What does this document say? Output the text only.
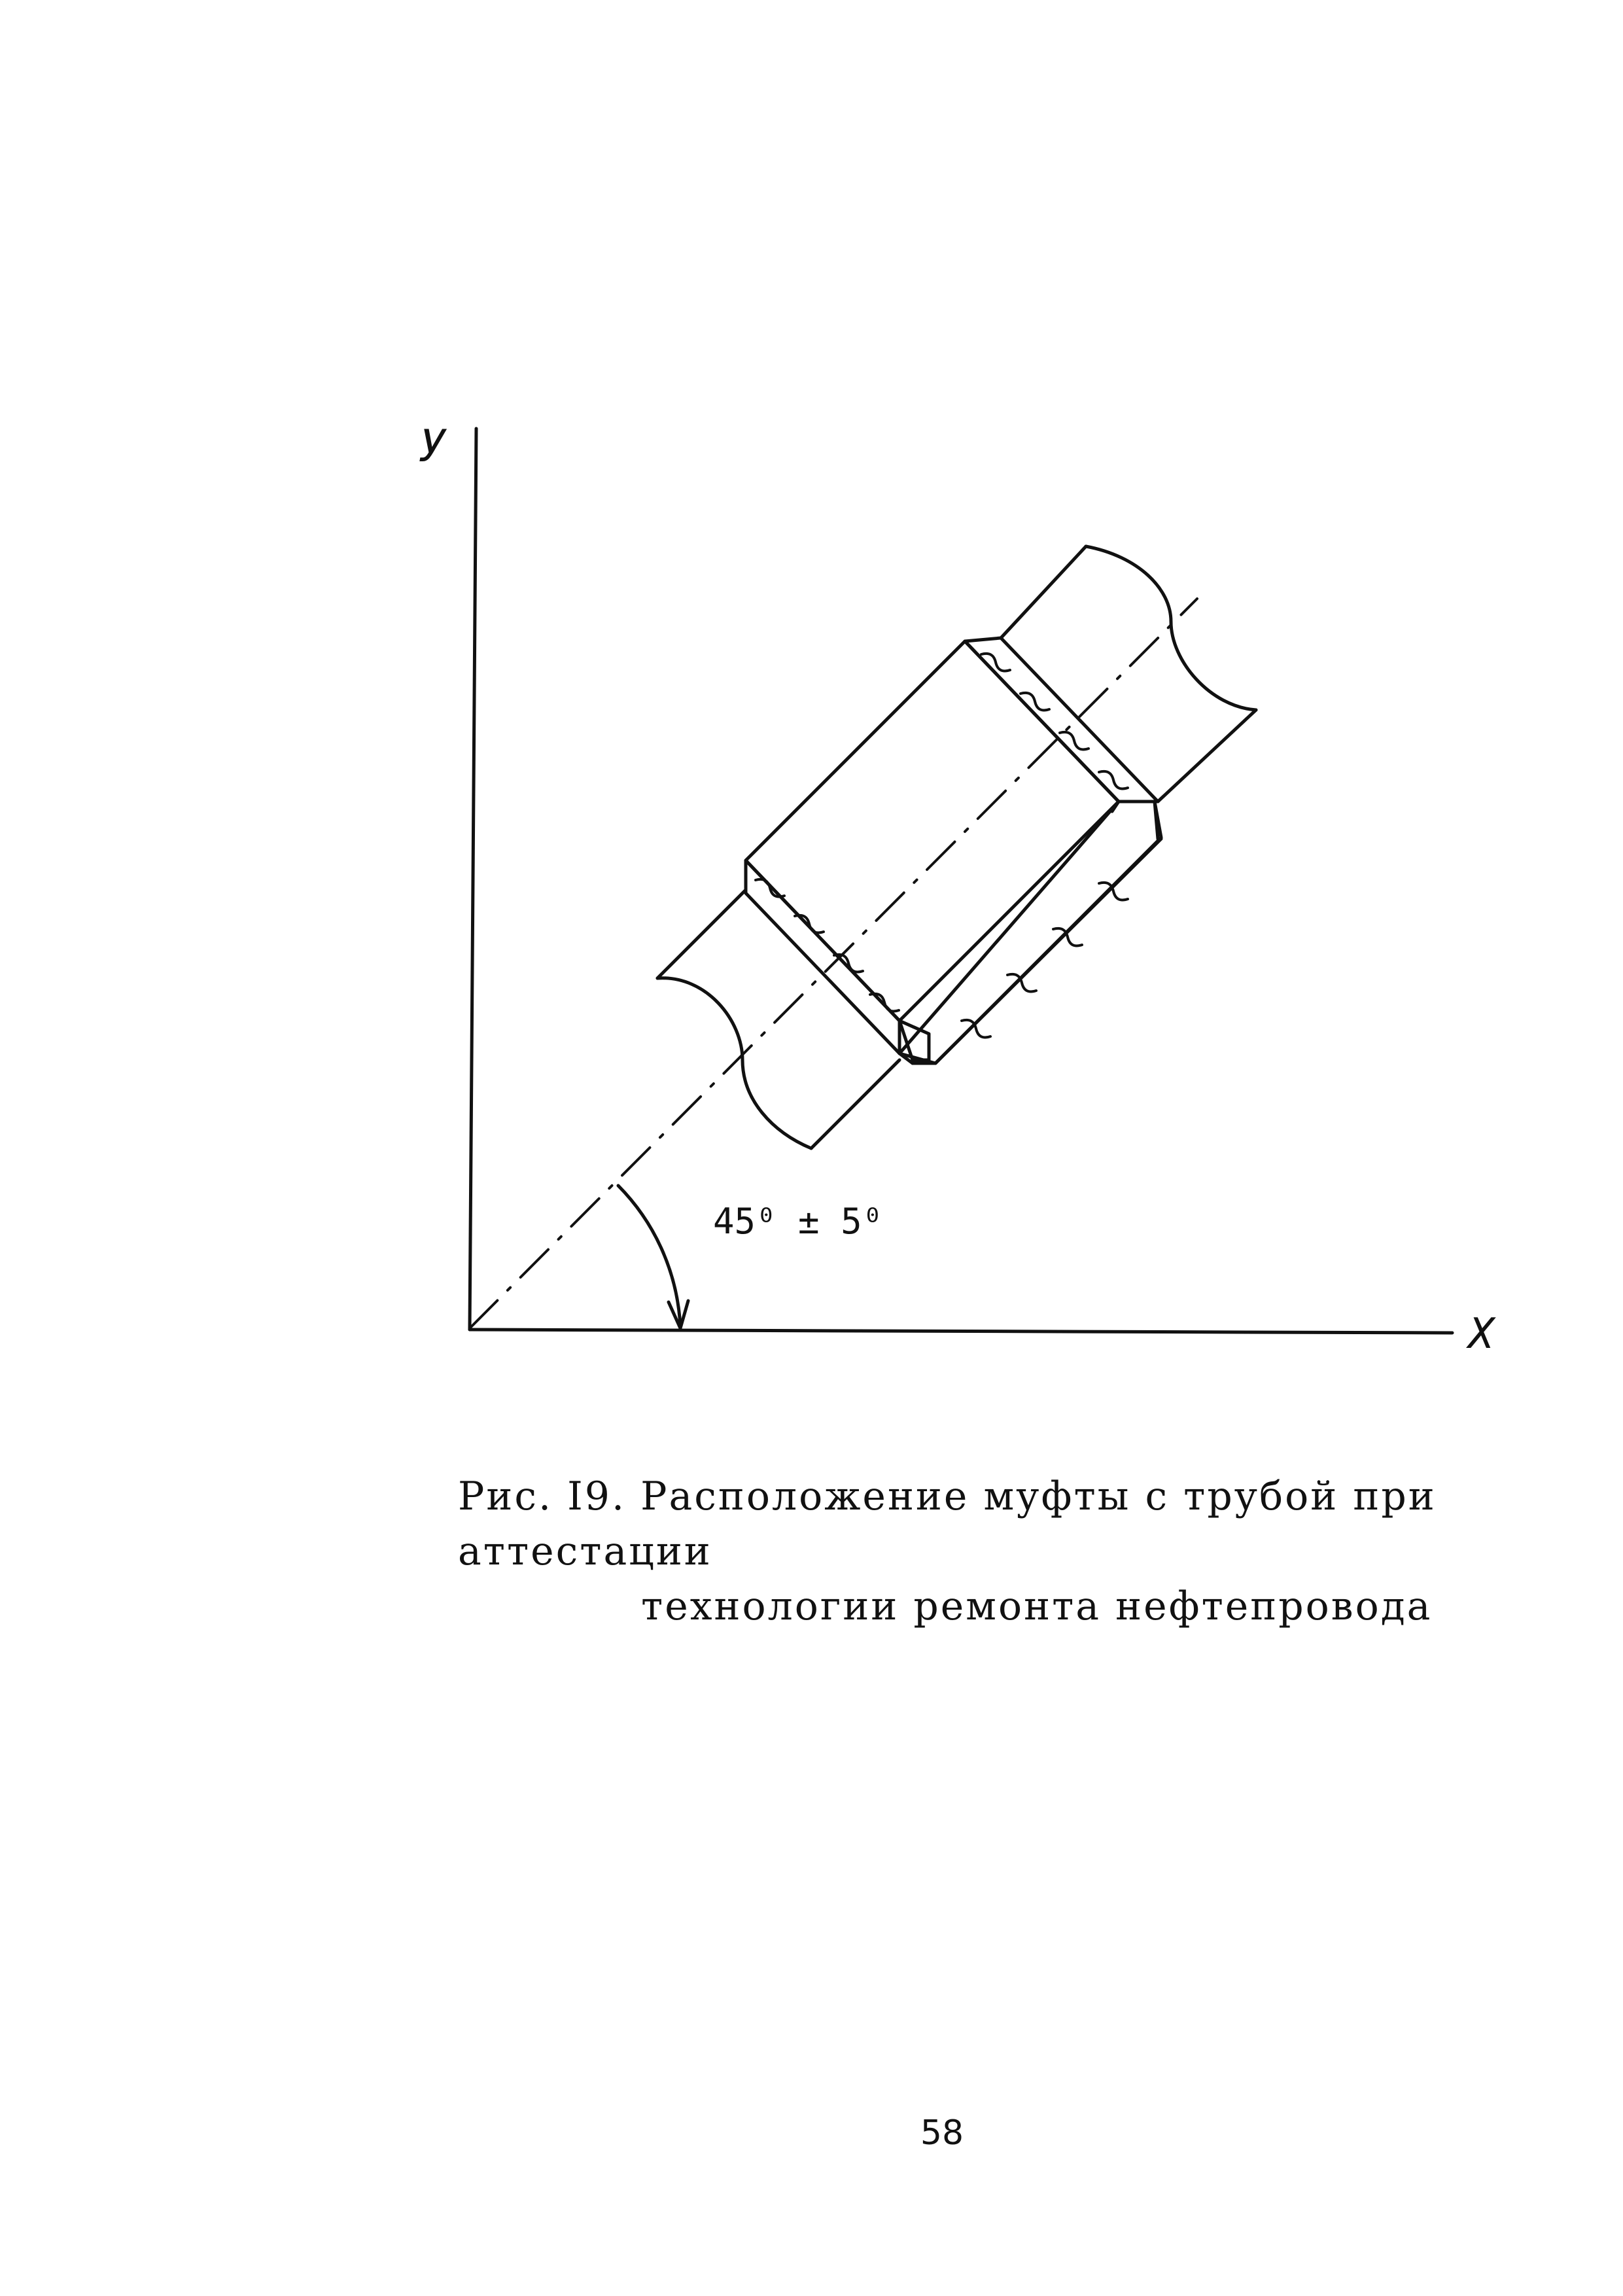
У
X
45⁰ ± 5⁰
Рис. I9. Расположение муфты с трубой при аттестации
технологии ремонта нефтепровода
58
